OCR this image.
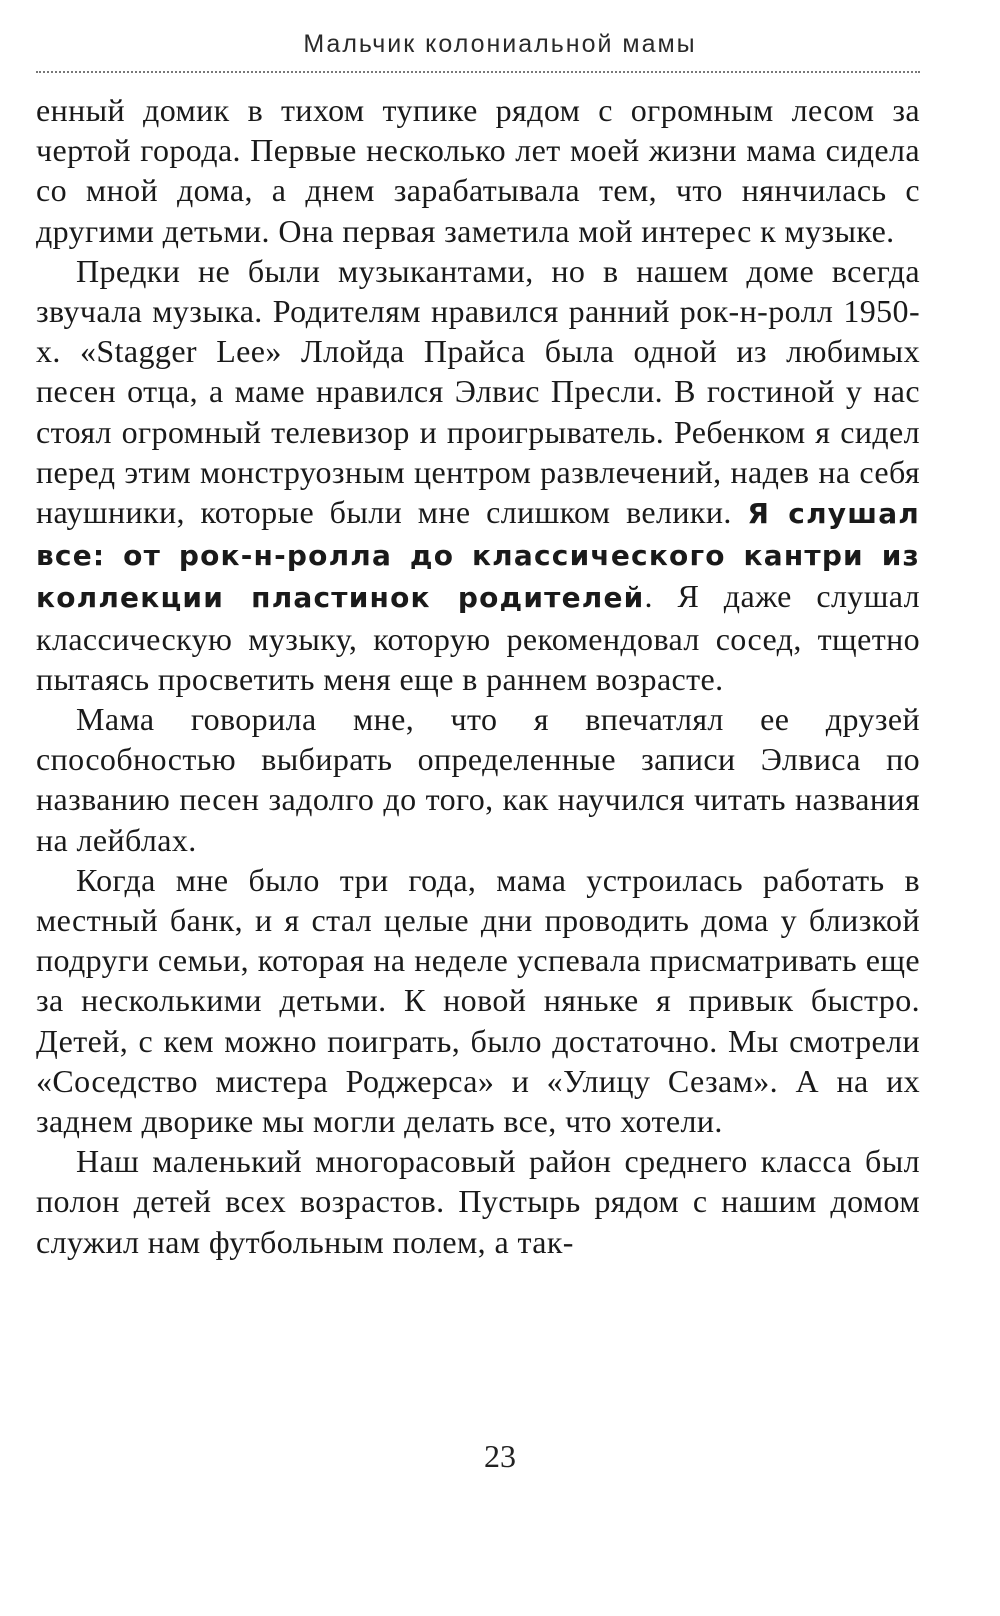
Мальчик колониальной мамы

енный домик в тихом тупике рядом с огромным лесом за чертой города. Первые несколько лет моей жизни мама сидела со мной дома, а днем зарабатывала тем, что нянчилась с другими детьми. Она первая заметила мой интерес к музыке.

Предки не были музыкантами, но в нашем доме всегда звучала музыка. Родителям нравился ранний рок-н-ролл 1950-х. «Stagger Lee» Ллойда Прайса была одной из любимых песен отца, а маме нравился Элвис Пресли. В гостиной у нас стоял огромный телевизор и проигрыватель. Ребенком я сидел перед этим монструозным центром развлечений, надев на себя наушники, которые были мне слишком велики. Я слушал все: от рок-н-ролла до классического кантри из коллекции пластинок родителей. Я даже слушал классическую музыку, которую рекомендовал сосед, тщетно пытаясь просветить меня еще в раннем возрасте.

Мама говорила мне, что я впечатлял ее друзей способностью выбирать определенные записи Элвиса по названию песен задолго до того, как научился читать названия на лейблах.

Когда мне было три года, мама устроилась работать в местный банк, и я стал целые дни проводить дома у близкой подруги семьи, которая на неделе успевала присматривать еще за несколькими детьми. К новой няньке я привык быстро. Детей, с кем можно поиграть, было достаточно. Мы смотрели «Соседство мистера Роджерса» и «Улицу Сезам». А на их заднем дворике мы могли делать все, что хотели.

Наш маленький многорасовый район среднего класса был полон детей всех возрастов. Пустырь рядом с нашим домом служил нам футбольным полем, а так-

23
